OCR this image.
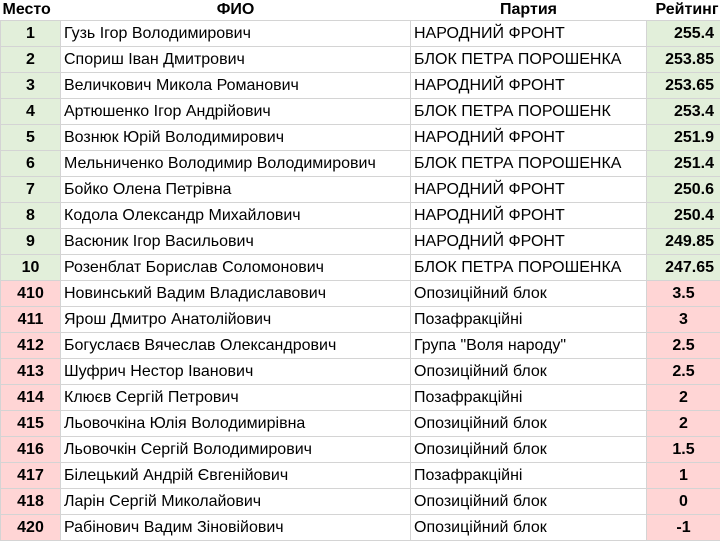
Место	ФИО	Партия	Рейтинг
1	Гузь Ігор Володимирович	НАРОДНИЙ ФРОНТ	255.4
2	Спориш Іван Дмитрович	БЛОК ПЕТРА ПОРОШЕНКА	253.85
3	Величкович Микола Романович	НАРОДНИЙ ФРОНТ	253.65
4	Артюшенко Ігор Андрійович	БЛОК ПЕТРА ПОРОШЕНК	253.4
5	Вознюк Юрій Володимирович	НАРОДНИЙ ФРОНТ	251.9
6	Мельниченко Володимир Володимирович	БЛОК ПЕТРА ПОРОШЕНКА	251.4
7	Бойко Олена Петрівна	НАРОДНИЙ ФРОНТ	250.6
8	Кодола Олександр Михайлович	НАРОДНИЙ ФРОНТ	250.4
9	Васюник Ігор Васильович	НАРОДНИЙ ФРОНТ	249.85
10	Розенблат Борислав Соломонович	БЛОК ПЕТРА ПОРОШЕНКА	247.65
410	Новинський Вадим Владиславович	Опозиційний блок	3.5
411	Ярош Дмитро Анатолійович	Позафракційні	3
412	Богуслаєв Вячеслав Олександрович	Група "Воля народу"	2.5
413	Шуфрич Нестор Іванович	Опозиційний блок	2.5
414	Клюєв Сергій Петрович	Позафракційні	2
415	Льовочкіна Юлія Володимирівна	Опозиційний блок	2
416	Льовочкін Сергій Володимирович	Опозиційний блок	1.5
417	Білецький Андрій Євгенійович	Позафракційні	1
418	Ларін Сергій Миколайович	Опозиційний блок	0
420	Рабінович Вадим Зіновійович	Опозиційний блок	-1
